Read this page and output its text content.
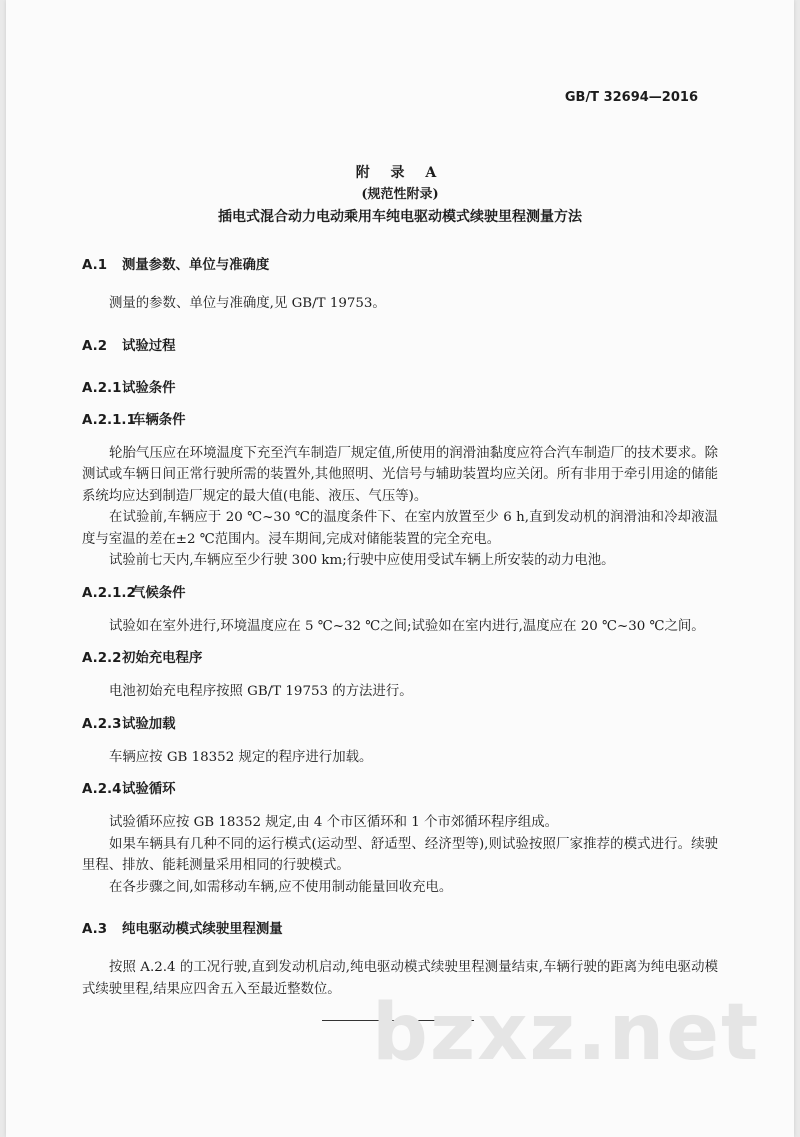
GB/T 32694—2016
附 录 A
(规范性附录)
插电式混合动力电动乘用车纯电驱动模式续驶里程测量方法
A.1 测量参数、单位与准确度

测量的参数、单位与准确度,见 GB/T 19753。

A.2 试验过程
A.2.1试验条件
A.2.1.1车辆条件

轮胎气压应在环境温度下充至汽车制造厂规定值,所使用的润滑油黏度应符合汽车制造厂的技术要求。除测试或车辆日间正常行驶所需的装置外,其他照明、光信号与辅助装置均应关闭。所有非用于牵引用途的储能系统均应达到制造厂规定的最大值(电能、液压、气压等)。

在试验前,车辆应于 20 ℃~30 ℃的温度条件下、在室内放置至少 6 h,直到发动机的润滑油和冷却液温度与室温的差在±2 ℃范围内。浸车期间,完成对储能装置的完全充电。

试验前七天内,车辆应至少行驶 300 km;行驶中应使用受试车辆上所安装的动力电池。

A.2.1.2气候条件

试验如在室外进行,环境温度应在 5 ℃~32 ℃之间;试验如在室内进行,温度应在 20 ℃~30 ℃之间。

A.2.2初始充电程序

电池初始充电程序按照 GB/T 19753 的方法进行。

A.2.3试验加载

车辆应按 GB 18352 规定的程序进行加载。

A.2.4试验循环

试验循环应按 GB 18352 规定,由 4 个市区循环和 1 个市郊循环程序组成。

如果车辆具有几种不同的运行模式(运动型、舒适型、经济型等),则试验按照厂家推荐的模式进行。续驶里程、排放、能耗测量采用相同的行驶模式。

在各步骤之间,如需移动车辆,应不使用制动能量回收充电。

A.3 纯电驱动模式续驶里程测量

按照 A.2.4 的工况行驶,直到发动机启动,纯电驱动模式续驶里程测量结束,车辆行驶的距离为纯电驱动模式续驶里程,结果应四舍五入至最近整数位。 bzxz.net
